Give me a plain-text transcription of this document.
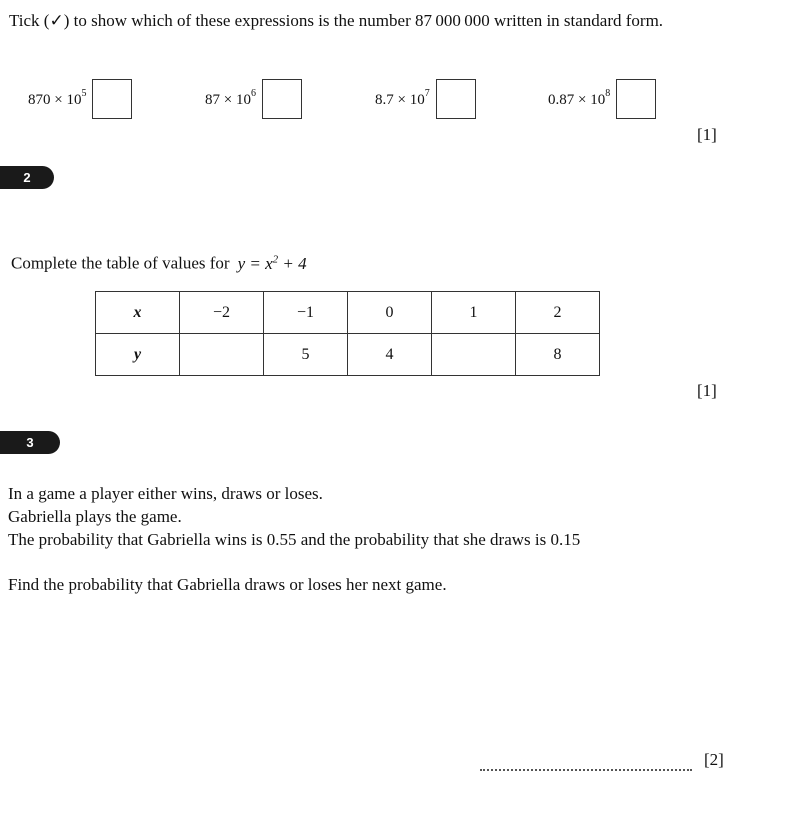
Tick (✓) to show which of these expressions is the number 87 000 000 written in standard form.
$870 \times 10^5$	$87 \times 10^6$	$8.7 \times 10^7$	$0.87 \times 10^8$
[1]
2
Complete the table of values for $y = x^2 + 4$
x	−2	−1	0	1	2
y		5	4		8
[1]
3
In a game a player either wins, draws or loses.
Gabriella plays the game.
The probability that Gabriella wins is 0.55 and the probability that she draws is 0.15
Find the probability that Gabriella draws or loses her next game.
[2]
